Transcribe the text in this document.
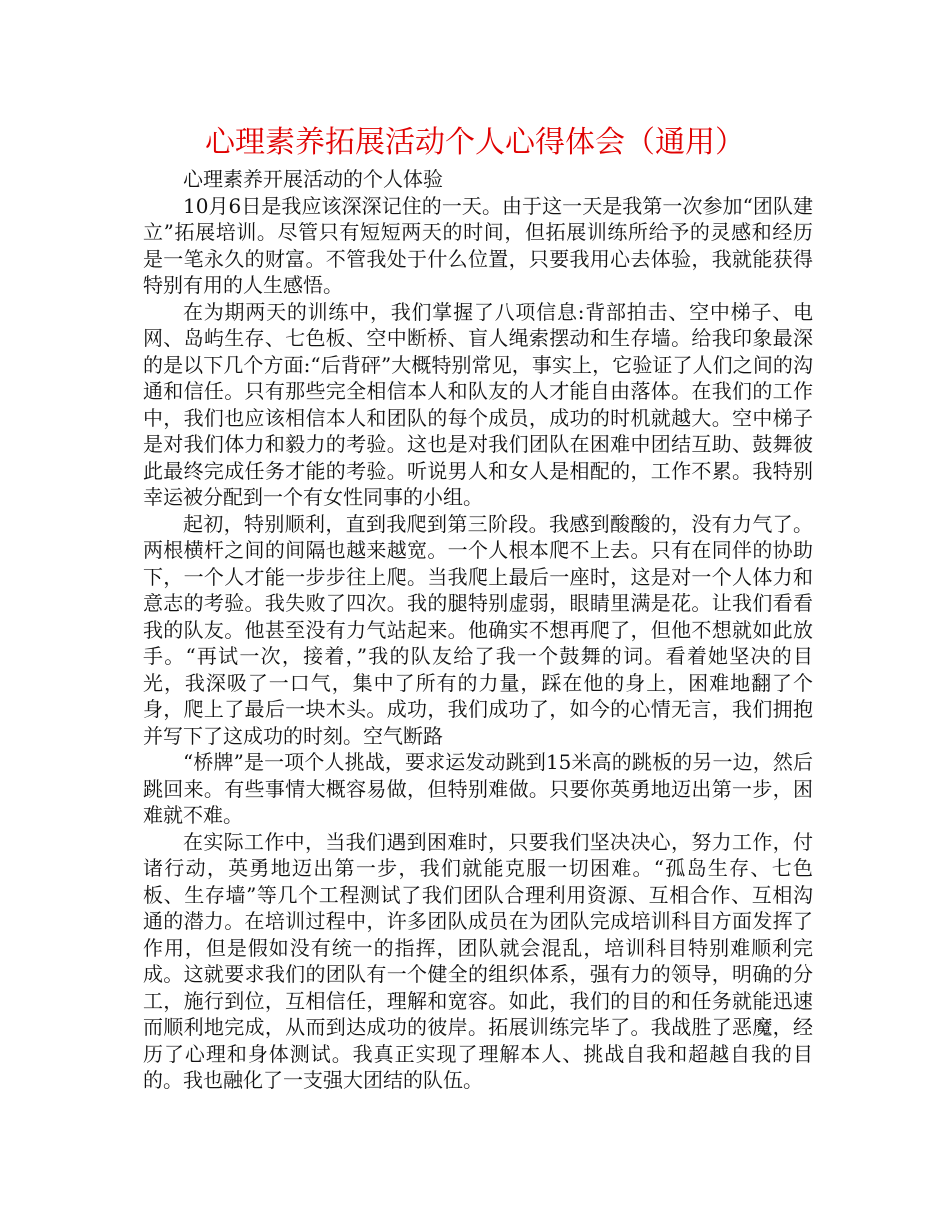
心理素养拓展活动个人心得体会（通用）

心理素养开展活动的个人体验

10月6日是我应该深深记住的一天。由于这一天是我第一次参加“团队建立”拓展培训。尽管只有短短两天的时间，但拓展训练所给予的灵感和经历是一笔永久的财富。不管我处于什么位置，只要我用心去体验，我就能获得特别有用的人生感悟。

在为期两天的训练中，我们掌握了八项信息:背部拍击、空中梯子、电网、岛屿生存、七色板、空中断桥、盲人绳索摆动和生存墙。给我印象最深的是以下几个方面:“后背砰”大概特别常见，事实上，它验证了人们之间的沟通和信任。只有那些完全相信本人和队友的人才能自由落体。在我们的工作中，我们也应该相信本人和团队的每个成员，成功的时机就越大。空中梯子是对我们体力和毅力的考验。这也是对我们团队在困难中团结互助、鼓舞彼此最终完成任务才能的考验。听说男人和女人是相配的，工作不累。我特别幸运被分配到一个有女性同事的小组。

起初，特别顺利，直到我爬到第三阶段。我感到酸酸的，没有力气了。两根横杆之间的间隔也越来越宽。一个人根本爬不上去。只有在同伴的协助下，一个人才能一步步往上爬。当我爬上最后一座时，这是对一个人体力和意志的考验。我失败了四次。我的腿特别虚弱，眼睛里满是花。让我们看看我的队友。他甚至没有力气站起来。他确实不想再爬了，但他不想就如此放手。“再试一次，接着，”我的队友给了我一个鼓舞的词。看着她坚决的目光，我深吸了一口气，集中了所有的力量，踩在他的身上，困难地翻了个身，爬上了最后一块木头。成功，我们成功了，如今的心情无言，我们拥抱并写下了这成功的时刻。空气断路

“桥牌”是一项个人挑战，要求运发动跳到15米高的跳板的另一边，然后跳回来。有些事情大概容易做，但特别难做。只要你英勇地迈出第一步，困难就不难。

在实际工作中，当我们遇到困难时，只要我们坚决决心，努力工作，付诸行动，英勇地迈出第一步，我们就能克服一切困难。“孤岛生存、七色板、生存墙”等几个工程测试了我们团队合理利用资源、互相合作、互相沟通的潜力。在培训过程中，许多团队成员在为团队完成培训科目方面发挥了作用，但是假如没有统一的指挥，团队就会混乱，培训科目特别难顺利完成。这就要求我们的团队有一个健全的组织体系，强有力的领导，明确的分工，施行到位，互相信任，理解和宽容。如此，我们的目的和任务就能迅速而顺利地完成，从而到达成功的彼岸。拓展训练完毕了。我战胜了恶魔，经历了心理和身体测试。我真正实现了理解本人、挑战自我和超越自我的目的。我也融化了一支强大团结的队伍。
